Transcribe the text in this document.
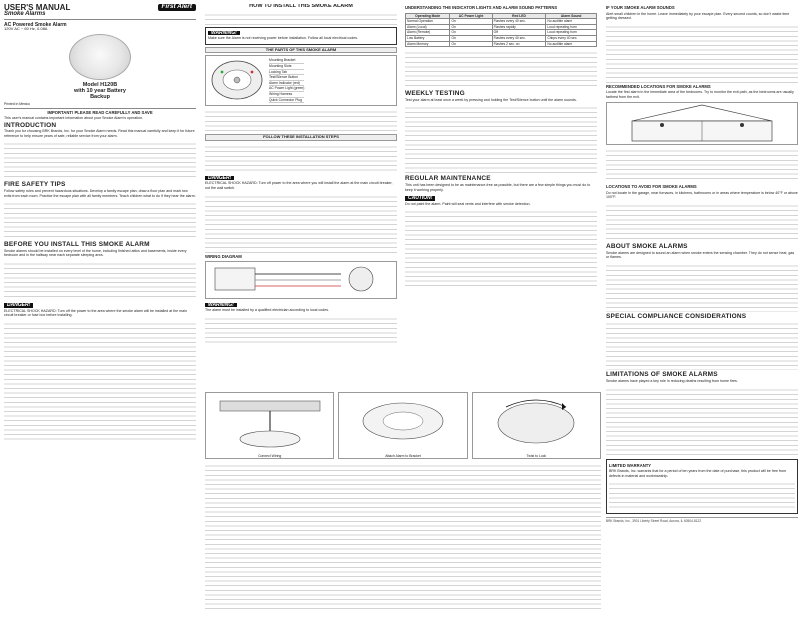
USER'S MANUAL
Smoke Alarms
First Alert
AC Powered Smoke Alarm
120V AC ~ 60 Hz, 0.08A
Model H120B
with 10 year Battery
Backup
Printed in Mexico
IMPORTANT! PLEASE READ CAREFULLY AND SAVE

This user's manual contains important information about your Smoke Alarm's operation.

INTRODUCTION

Thank you for choosing BRK Brands, Inc. for your Smoke Alarm needs. Read this manual carefully and keep it for future reference to help ensure years of safe, reliable service from your alarm.

FIRE SAFETY TIPS

Follow safety rules and prevent hazardous situations. Develop a family escape plan, draw a floor plan and mark two exits from each room. Practice the escape plan with all family members. Teach children what to do if they hear the alarm.

BEFORE YOU INSTALL THIS SMOKE ALARM

Smoke alarms should be installed on every level of the home, including finished attics and basements, inside every bedroom and in the hallway near each separate sleeping area.

DANGER!

ELECTRICAL SHOCK HAZARD: Turn off the power to the area where the smoke alarm will be installed at the main circuit breaker or fuse box before installing.

HOW TO INSTALL THIS SMOKE ALARM
WARNING!

Make sure the Alarm is not receiving power before installation. Follow all local electrical codes.

THE PARTS OF THIS SMOKE ALARM
Mounting Bracket
Mounting Slots
Locking Tab
Test/Silence Button
Alarm Indicator (red)
AC Power Light (green)
Wiring Harness
Quick Connector Plug
FOLLOW THESE INSTALLATION STEPS
DANGER!

ELECTRICAL SHOCK HAZARD: Turn off power to the area where you will install the alarm at the main circuit breaker, not the wall switch.

WIRING DIAGRAM
WARNING!

The alarm must be installed by a qualified electrician according to local codes.

UNDERSTANDING THE INDICATOR LIGHTS AND ALARM SOUND PATTERNS
Operating Mode	AC Power Light	Red LED	Alarm Sound
Normal Operation	On	Flashes every 40 sec.	No audible alarm
Alarm (Local)	On	Flashes rapidly	Loud repeating horn
Alarm (Remote)	On	Off	Loud repeating horn
Low Battery	On	Flashes every 40 sec.	Chirps every 40 sec.
Alarm Memory	On	Flashes 2 sec. on	No audible alarm
WEEKLY TESTING

Test your alarm at least once a week by pressing and holding the Test/Silence button until the alarm sounds.

REGULAR MAINTENANCE

This unit has been designed to be as maintenance-free as possible, but there are a few simple things you must do to keep it working properly.

CAUTION!

Do not paint the alarm. Paint will seal vents and interfere with smoke detection.

Connect Wiring	Attach Alarm to Bracket	Twist to Lock
IF YOUR SMOKE ALARM SOUNDS

Alert small children in the home. Leave immediately by your escape plan. Every second counts, so don't waste time getting dressed.

RECOMMENDED LOCATIONS FOR SMOKE ALARMS

Locate the first alarm in the immediate area of the bedrooms. Try to monitor the exit path, as the bedrooms are usually farthest from the exit.

LOCATIONS TO AVOID FOR SMOKE ALARMS

Do not locate in the garage, near furnaces, in kitchens, bathrooms or in areas where temperature is below 40°F or above 100°F.

ABOUT SMOKE ALARMS

Smoke alarms are designed to sound an alarm when smoke enters the sensing chamber. They do not sense heat, gas or flames.

SPECIAL COMPLIANCE CONSIDERATIONS
LIMITATIONS OF SMOKE ALARMS

Smoke alarms have played a key role in reducing deaths resulting from home fires.

LIMITED WARRANTY

BRK Brands, Inc. warrants that for a period of ten years from the date of purchase, this product will be free from defects in material and workmanship.

BRK Brands, Inc., 3901 Liberty Street Road, Aurora, IL 60504-8122
